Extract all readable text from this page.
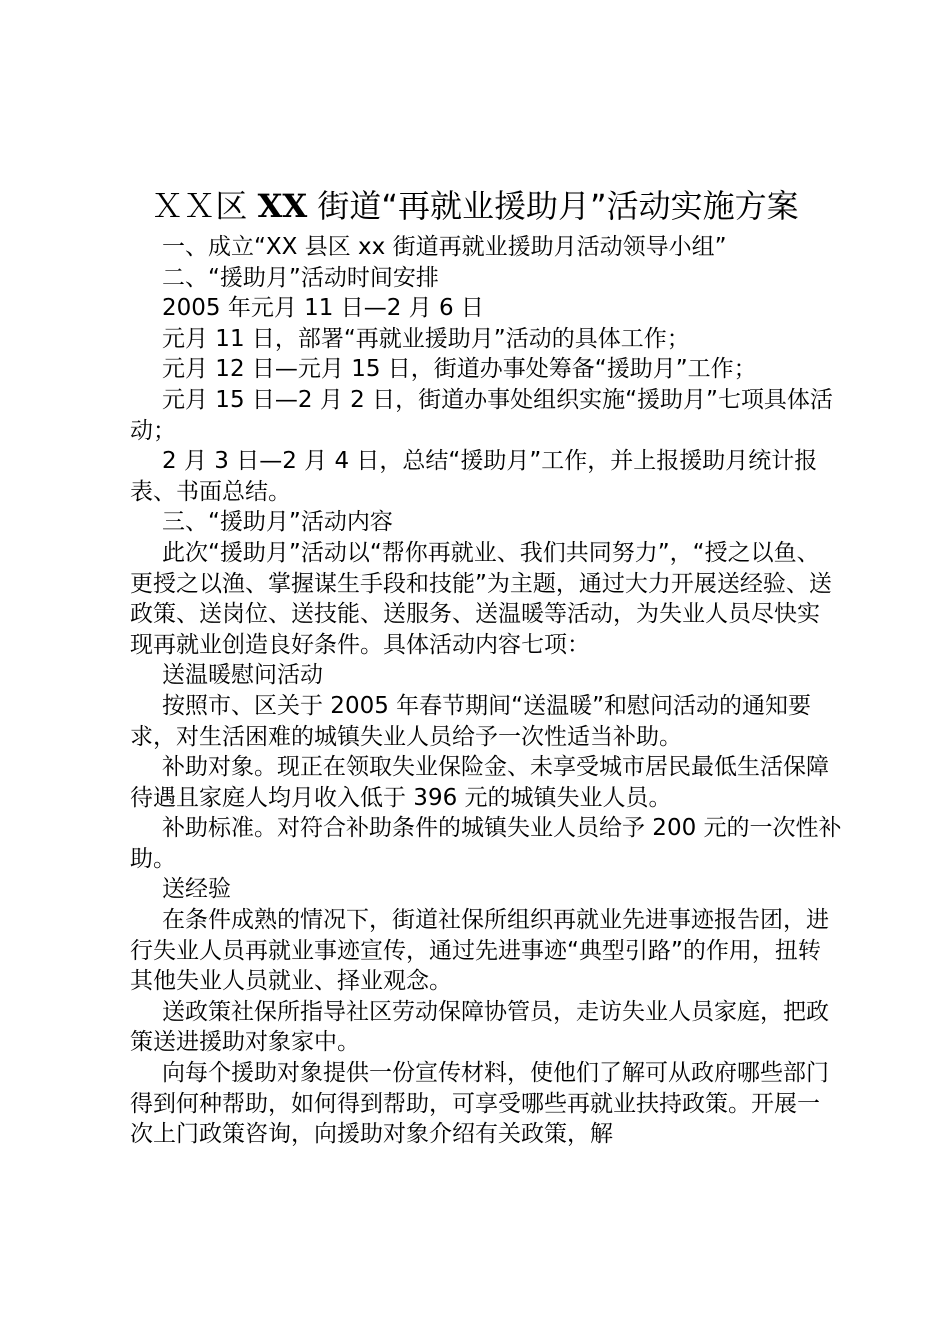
ＸＸ区 XX 街道“再就业援助月”活动实施方案

一、成立“XX 县区 xx 街道再就业援助月活动领导小组”

二、“援助月”活动时间安排

2005 年元月 11 日—2 月 6 日

元月 11 日，部署“再就业援助月”活动的具体工作；

元月 12 日—元月 15 日，街道办事处筹备“援助月”工作；

元月 15 日—2 月 2 日，街道办事处组织实施“援助月”七项具体活动；

2 月 3 日—2 月 4 日，总结“援助月”工作，并上报援助月统计报表、书面总结。

三、“援助月”活动内容

此次“援助月”活动以“帮你再就业、我们共同努力”，“授之以鱼、更授之以渔、掌握谋生手段和技能”为主题，通过大力开展送经验、送政策、送岗位、送技能、送服务、送温暖等活动，为失业人员尽快实现再就业创造良好条件。具体活动内容七项：

送温暖慰问活动

按照市、区关于 2005 年春节期间“送温暖”和慰问活动的通知要求，对生活困难的城镇失业人员给予一次性适当补助。

补助对象。现正在领取失业保险金、未享受城市居民最低生活保障待遇且家庭人均月收入低于 396 元的城镇失业人员。

补助标准。对符合补助条件的城镇失业人员给予 200 元的一次性补助。

送经验

在条件成熟的情况下，街道社保所组织再就业先进事迹报告团，进行失业人员再就业事迹宣传，通过先进事迹“典型引路”的作用，扭转其他失业人员就业、择业观念。

送政策社保所指导社区劳动保障协管员，走访失业人员家庭，把政策送进援助对象家中。

向每个援助对象提供一份宣传材料，使他们了解可从政府哪些部门得到何种帮助，如何得到帮助，可享受哪些再就业扶持政策。开展一次上门政策咨询，向援助对象介绍有关政策，解
